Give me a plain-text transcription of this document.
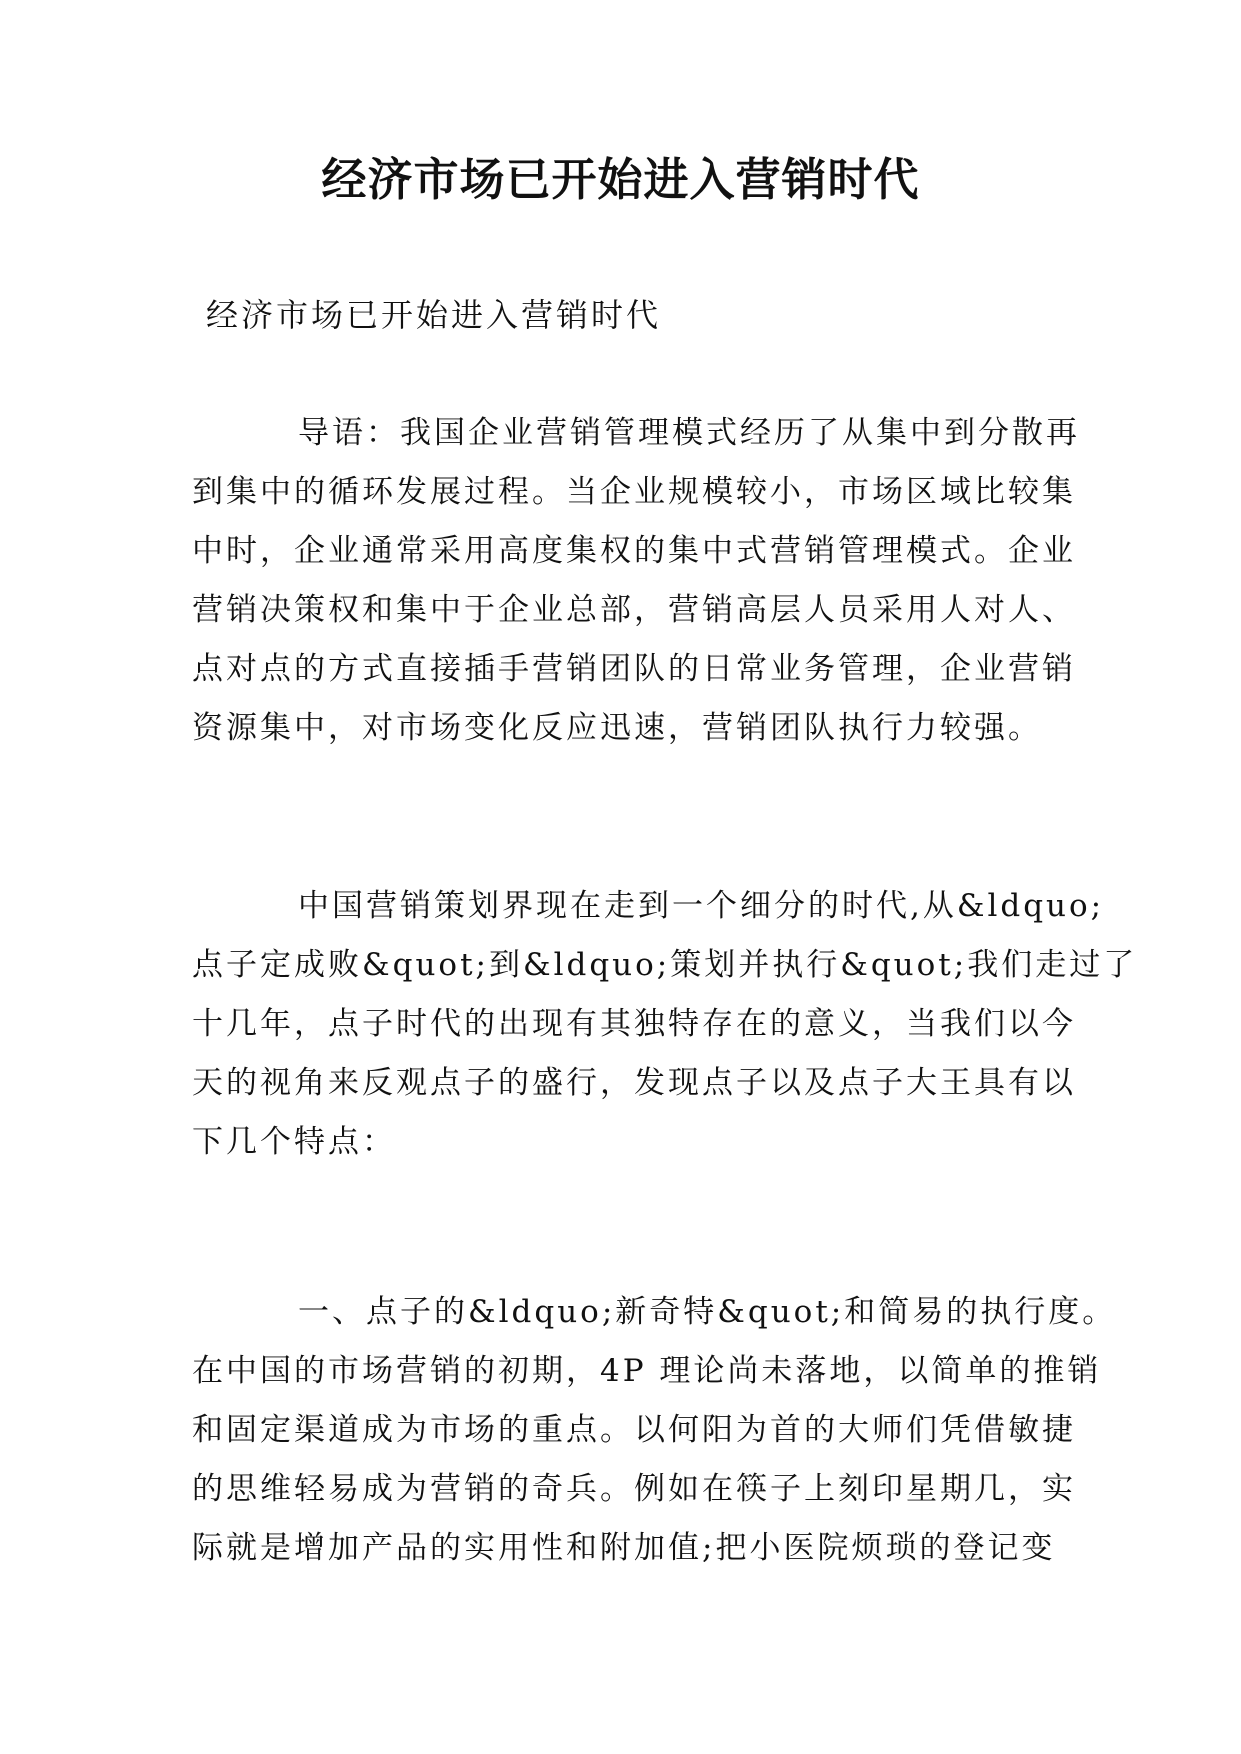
经济市场已开始进入营销时代

经济市场已开始进入营销时代

导语：我国企业营销管理模式经历了从集中到分散再
到集中的循环发展过程。当企业规模较小，市场区域比较集
中时，企业通常采用高度集权的集中式营销管理模式。企业
营销决策权和集中于企业总部，营销高层人员采用人对人、
点对点的方式直接插手营销团队的日常业务管理，企业营销
资源集中，对市场变化反应迅速，营销团队执行力较强。
中国营销策划界现在走到一个细分的时代,从&ldquo;
点子定成败&quot;到&ldquo;策划并执行&quot;我们走过了
十几年，点子时代的出现有其独特存在的意义，当我们以今
天的视角来反观点子的盛行，发现点子以及点子大王具有以
下几个特点：
一、点子的&ldquo;新奇特&quot;和简易的执行度。
在中国的市场营销的初期，4P 理论尚未落地，以简单的推销
和固定渠道成为市场的重点。以何阳为首的大师们凭借敏捷
的思维轻易成为营销的奇兵。例如在筷子上刻印星期几，实
际就是增加产品的实用性和附加值;把小医院烦琐的登记变
